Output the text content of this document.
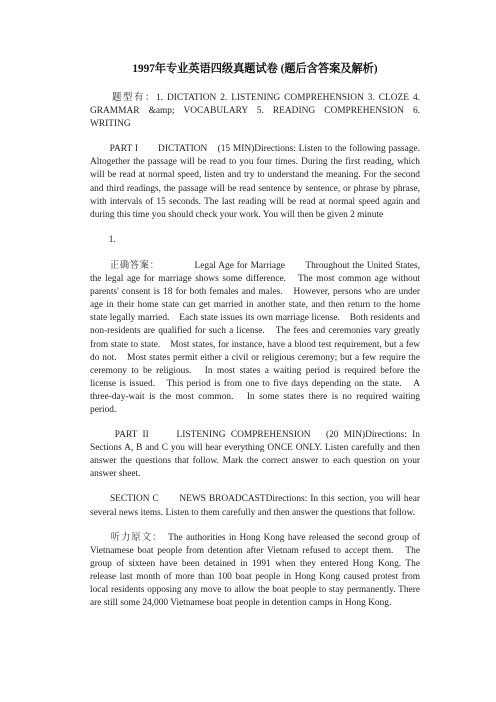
1997年专业英语四级真题试卷 (题后含答案及解析)

　　题型有：1. DICTATION 2. LISTENING COMPREHENSION 3. CLOZE 4. GRAMMAR &amp; VOCABULARY 5. READING COMPREHENSION 6. WRITING

　　PART I　　DICTATION　(15 MIN)Directions: Listen to the following passage. Altogether the passage will be read to you four times. During the first reading, which will be read at normal speed, listen and try to understand the meaning. For the second and third readings, the passage will be read sentence by sentence, or phrase by phrase, with intervals of 15 seconds. The last reading will be read at normal speed again and during this time you should check your work. You will then be given 2 minute

　　1.

　　正确答案：　　　　Legal Age for Marriage　　Throughout the United States, the legal age for marriage shows some difference.　The most common age without parents' consent is 18 for both females and males.　However, persons who are under age in their home state can get married in another state, and then return to the home state legally married.　Each state issues its own marriage license.　Both residents and non-residents are qualified for such a license.　The fees and ceremonies vary greatly from state to state.　Most states, for instance, have a blood test requirement, but a few do not.　Most states permit either a civil or religious ceremony; but a few require the ceremony to be religious.　In most states a waiting period is required before the license is issued.　This period is from one to five days depending on the state.　A three-day-wait is the most common.　In some states there is no required waiting period.

　　PART II　　LISTENING COMPREHENSION　(20 MIN)Directions: In Sections A, B and C you will hear everything ONCE ONLY. Listen carefully and then answer the questions that follow. Mark the correct answer to each question on your answer sheet.

　　SECTION C　　NEWS BROADCASTDirections: In this section, you will hear several news items. Listen to them carefully and then answer the questions that follow.

　　听力原文：　The authorities in Hong Kong have released the second group of Vietnamese boat people from detention after Vietnam refused to accept them.　The group of sixteen have been detained in 1991 when they entered Hong Kong. The release last month of more than 100 boat people in Hong Kong caused protest from local residents opposing any move to allow the boat people to stay permanently. There are still some 24,000 Vietnamese boat people in detention camps in Hong Kong.
